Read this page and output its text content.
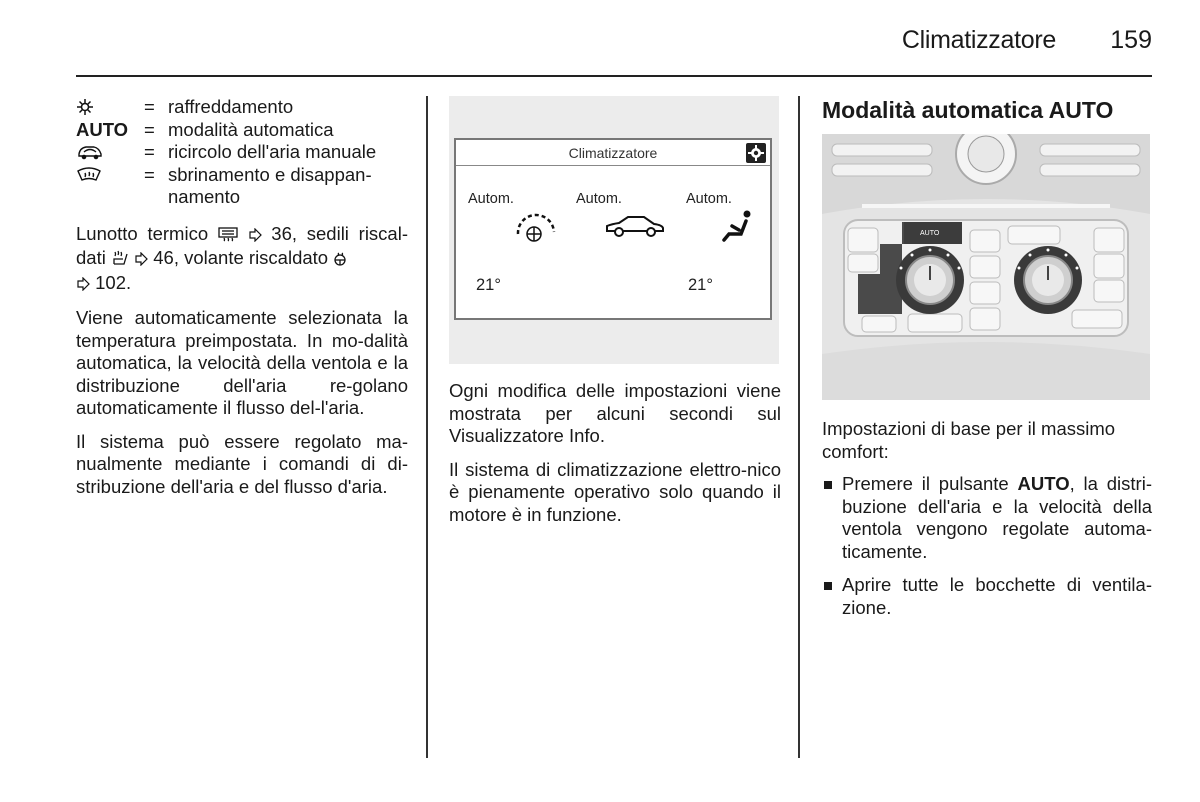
Climatizzatore	159
= raffreddamento
AUTO = modalità automatica
= ricircolo dell'aria manuale
= sbrinamento e disappan-namento

Lunotto termico   36, sedili riscal-dati   46, volante riscaldato
102.

Viene automaticamente selezionata la temperatura preimpostata. In mo-dalità automatica, la velocità della ventola e la distribuzione dell'aria re-golano automaticamente il flusso del-l'aria.

Il sistema può essere regolato ma-nualmente mediante i comandi di di-stribuzione dell'aria e del flusso d'aria.

Climatizzatore
Autom.	Autom.	Autom.
21°	21°

Ogni modifica delle impostazioni viene mostrata per alcuni secondi sul Visualizzatore Info.

Il sistema di climatizzazione elettro-nico è pienamente operativo solo quando il motore è in funzione.

Modalità automatica AUTO
AUTO

Impostazioni di base per il massimo comfort:

Premere il pulsante AUTO, la distri-buzione dell'aria e la velocità della ventola vengono regolate automa-ticamente.
Aprire tutte le bocchette di ventila-zione.
